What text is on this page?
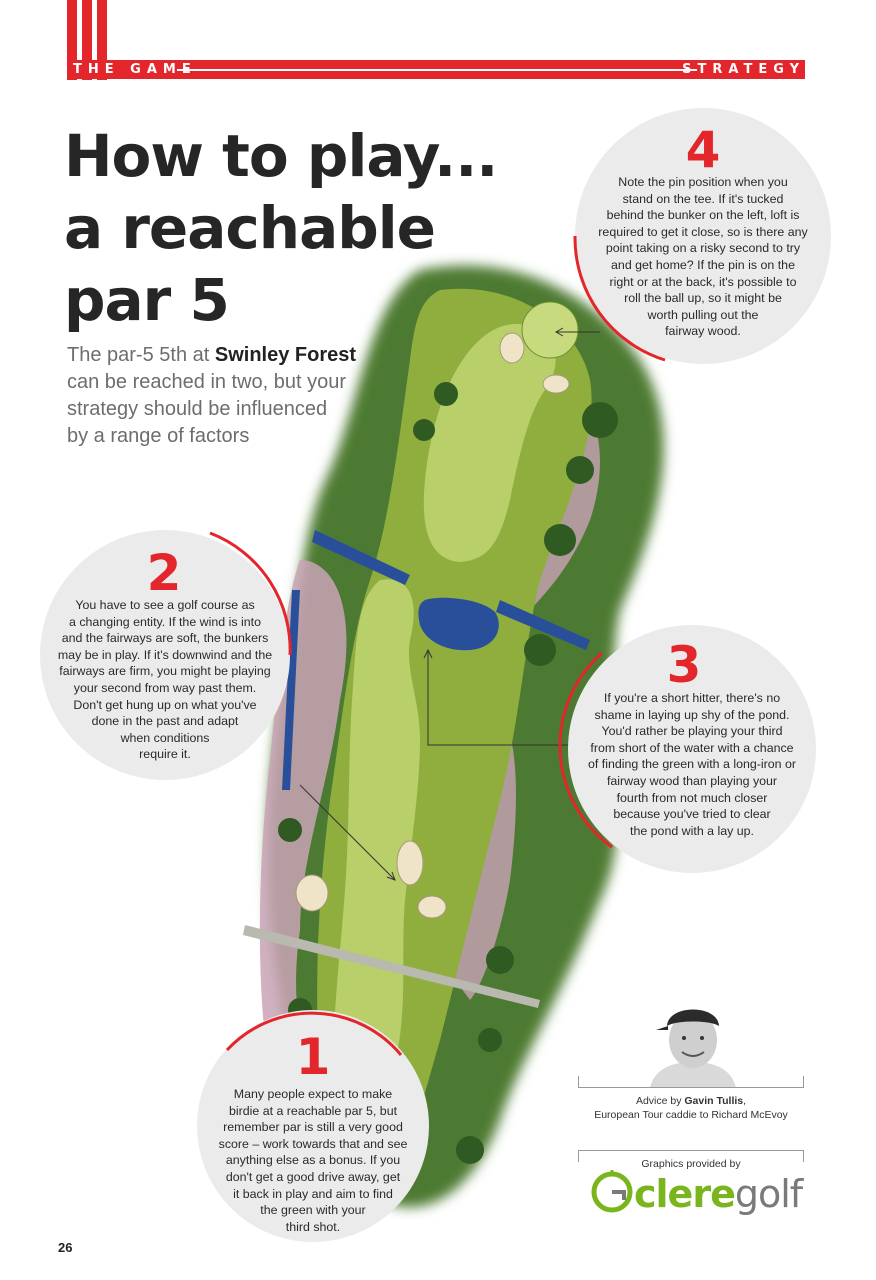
THE GAME	STRATEGY
How to play...
a reachable
par 5
The par-5 5th at Swinley Forest
can be reached in two, but your
strategy should be influenced
by a range of factors
4
Note the pin position when you
stand on the tee. If it's tucked
behind the bunker on the left, loft is
required to get it close, so is there any
point taking on a risky second to try
and get home? If the pin is on the
right or at the back, it's possible to
roll the ball up, so it might be
worth pulling out the
fairway wood.
2
You have to see a golf course as
a changing entity. If the wind is into
and the fairways are soft, the bunkers
may be in play. If it's downwind and the
fairways are firm, you might be playing
your second from way past them.
Don't get hung up on what you've
done in the past and adapt
when conditions
require it.
3
If you're a short hitter, there's no
shame in laying up shy of the pond.
You'd rather be playing your third
from short of the water with a chance
of finding the green with a long-iron or
fairway wood than playing your
fourth from not much closer
because you've tried to clear
the pond with a lay up.
1
Many people expect to make
birdie at a reachable par 5, but
remember par is still a very good
score – work towards that and see
anything else as a bonus. If you
don't get a good drive away, get
it back in play and aim to find
the green with your
third shot.
Advice by Gavin Tullis,
European Tour caddie to Richard McEvoy
Graphics provided by
cleregolf
26
